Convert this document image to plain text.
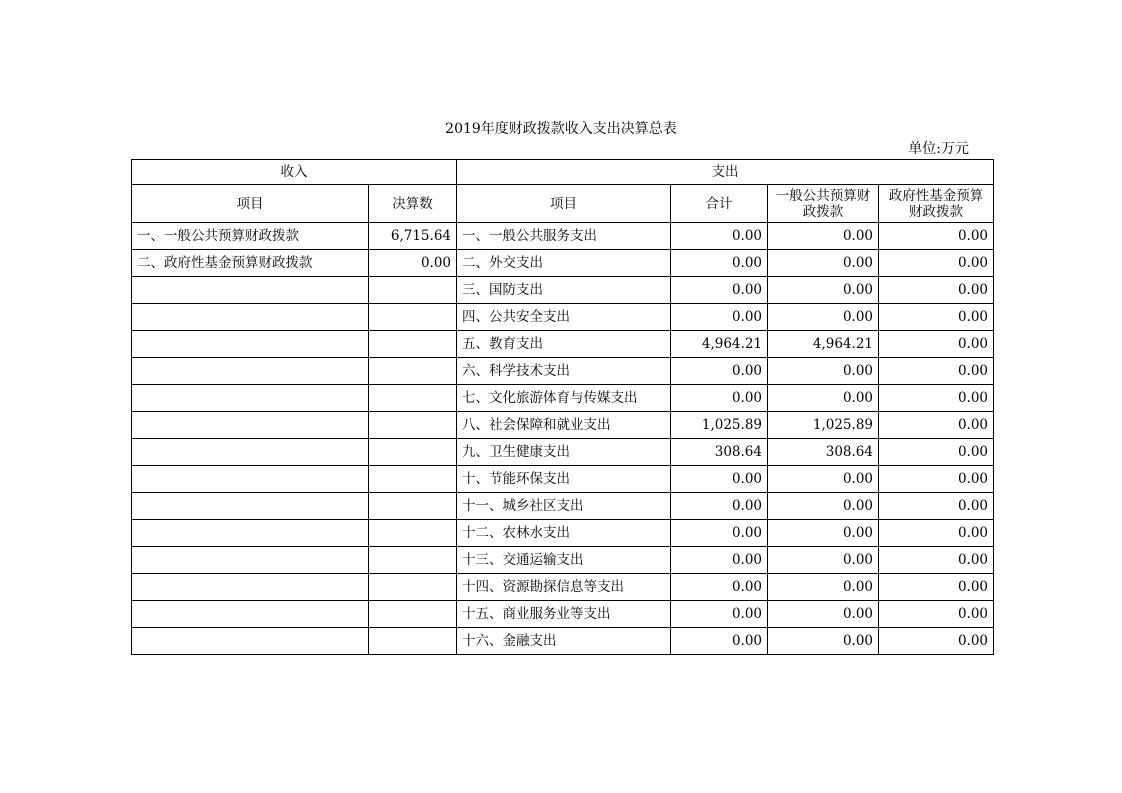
2019年度财政拨款收入支出决算总表
单位:万元
收入		支出			
项目	决算数	项目	合计	一般公共预算财政拨款	政府性基金预算财政拨款
一、一般公共预算财政拨款	6,715.64	一、一般公共服务支出	0.00	0.00	0.00
二、政府性基金预算财政拨款	0.00	二、外交支出	0.00	0.00	0.00
		三、国防支出	0.00	0.00	0.00
		四、公共安全支出	0.00	0.00	0.00
		五、教育支出	4,964.21	4,964.21	0.00
		六、科学技术支出	0.00	0.00	0.00
		七、文化旅游体育与传媒支出	0.00	0.00	0.00
		八、社会保障和就业支出	1,025.89	1,025.89	0.00
		九、卫生健康支出	308.64	308.64	0.00
		十、节能环保支出	0.00	0.00	0.00
		十一、城乡社区支出	0.00	0.00	0.00
		十二、农林水支出	0.00	0.00	0.00
		十三、交通运输支出	0.00	0.00	0.00
		十四、资源勘探信息等支出	0.00	0.00	0.00
		十五、商业服务业等支出	0.00	0.00	0.00
		十六、金融支出	0.00	0.00	0.00
